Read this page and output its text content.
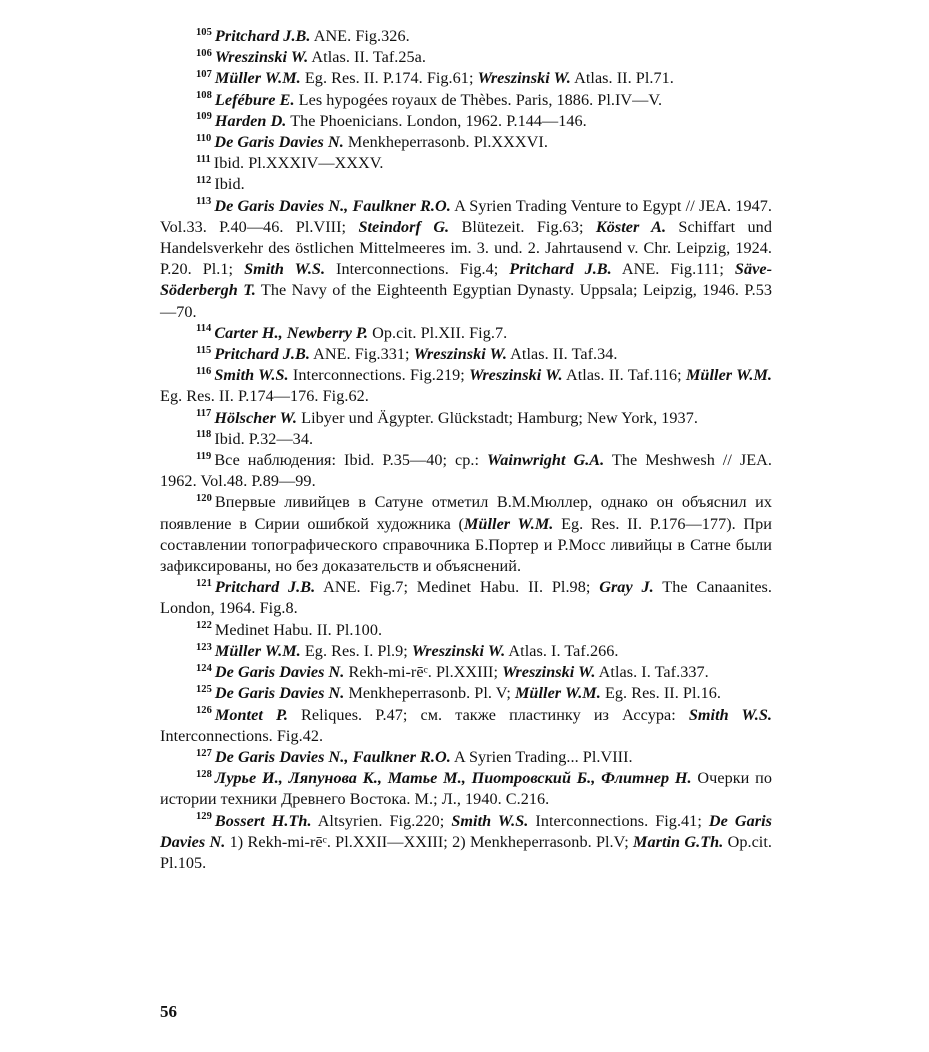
$^{105}$ Pritchard J.B. ANE. Fig.326.

$^{106}$ Wreszinski W. Atlas. II. Taf.25a.

$^{107}$ Müller W.M. Eg. Res. II. P.174. Fig.61; Wreszinski W. Atlas. II. Pl.71.

$^{108}$ Lefébure E. Les hypogées royaux de Thèbes. Paris, 1886. Pl.IV—V.

$^{109}$ Harden D. The Phoenicians. London, 1962. P.144—146.

$^{110}$ De Garis Davies N. Menkheperrasonb. Pl.XXXVI.

$^{111}$ Ibid. Pl.XXXIV—XXXV.

$^{112}$ Ibid.

$^{113}$ De Garis Davies N., Faulkner R.O. A Syrien Trading Venture to Egypt // JEA. 1947. Vol.33. P.40—46. Pl.VIII; Steindorf G. Blütezeit. Fig.63; Köster A. Schiffart und Handelsverkehr des östlichen Mittelmeeres im. 3. und. 2. Jahrtausend v. Chr. Leipzig, 1924. P.20. Pl.1; Smith W.S. Interconnections. Fig.4; Pritchard J.B. ANE. Fig.111; Säve-Söderbergh T. The Navy of the Eighteenth Egyptian Dynasty. Uppsala; Leipzig, 1946. P.53—70.

$^{114}$ Carter H., Newberry P. Op.cit. Pl.XII. Fig.7.

$^{115}$ Pritchard J.B. ANE. Fig.331; Wreszinski W. Atlas. II. Taf.34.

$^{116}$ Smith W.S. Interconnections. Fig.219; Wreszinski W. Atlas. II. Taf.116; Müller W.M. Eg. Res. II. P.174—176. Fig.62.

$^{117}$ Hölscher W. Libyer und Ägypter. Glückstadt; Hamburg; New York, 1937.

$^{118}$ Ibid. P.32—34.

$^{119}$ Все наблюдения: Ibid. P.35—40; ср.: Wainwright G.A. The Meshwesh // JEA. 1962. Vol.48. P.89—99.

$^{120}$ Впервые ливийцев в Сатуне отметил В.М.Мюллер, однако он объяснил их появление в Сирии ошибкой художника (Müller W.M. Eg. Res. II. P.176—177). При составлении топографического справочника Б.Портер и Р.Мосс ливийцы в Сатне были зафиксированы, но без доказательств и объяснений.

$^{121}$ Pritchard J.B. ANE. Fig.7; Medinet Habu. II. Pl.98; Gray J. The Canaanites. London, 1964. Fig.8.

$^{122}$ Medinet Habu. II. Pl.100.

$^{123}$ Müller W.M. Eg. Res. I. Pl.9; Wreszinski W. Atlas. I. Taf.266.

$^{124}$ De Garis Davies N. Rekh-mi-rēᶜ. Pl.XXIII; Wreszinski W. Atlas. I. Taf.337.

$^{125}$ De Garis Davies N. Menkheperrasonb. Pl. V; Müller W.M. Eg. Res. II. Pl.16.

$^{126}$ Montet P. Reliques. P.47; см. также пластинку из Ассура: Smith W.S. Interconnections. Fig.42.

$^{127}$ De Garis Davies N., Faulkner R.O. A Syrien Trading... Pl.VIII.

$^{128}$ Лурье И., Ляпунова К., Матье М., Пиотровский Б., Флитнер Н. Очерки по истории техники Древнего Востока. М.; Л., 1940. С.216.

$^{129}$ Bossert H.Th. Altsyrien. Fig.220; Smith W.S. Interconnections. Fig.41; De Garis Davies N. 1) Rekh-mi-rēᶜ. Pl.XXII—XXIII; 2) Menkheperrasonb. Pl.V; Martin G.Th. Op.cit. Pl.105.

56
